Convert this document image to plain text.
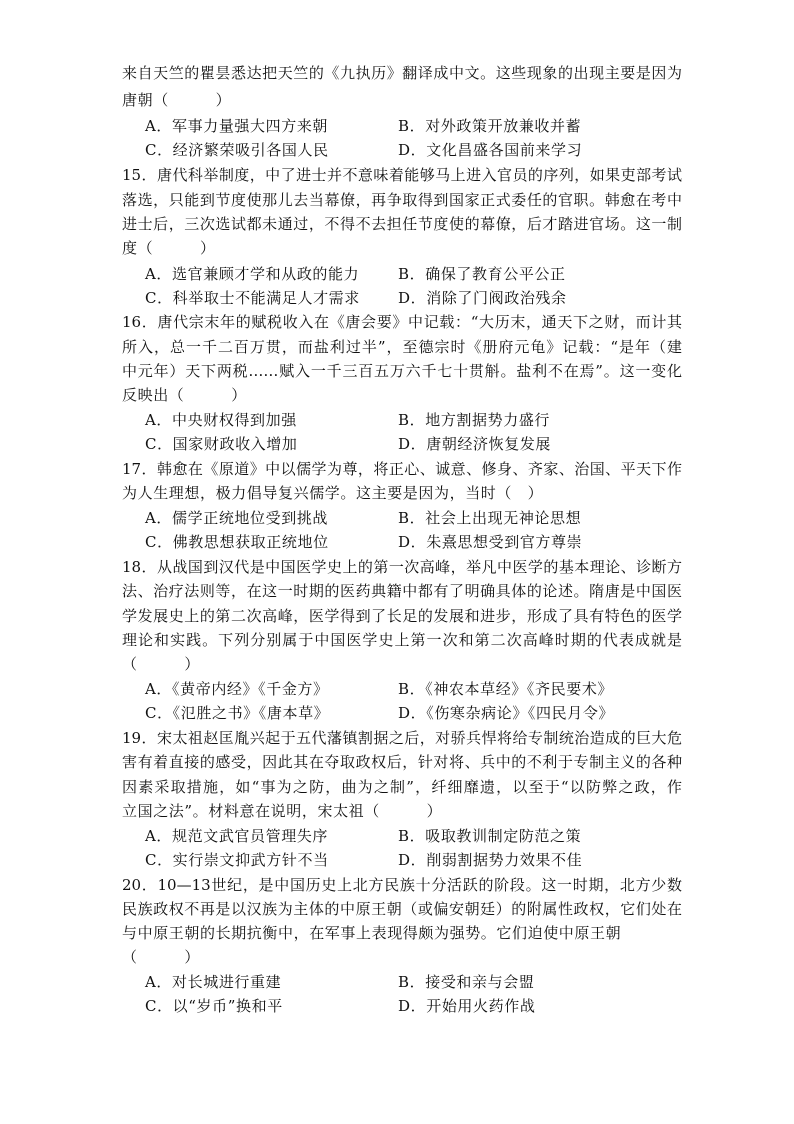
来自天竺的瞿昙悉达把天竺的《九执历》翻译成中文。这些现象的出现主要是因为
唐朝（　　　）
A．军事力量强大四方来朝	B．对外政策开放兼收并蓄
C．经济繁荣吸引各国人民	D．文化昌盛各国前来学习
15．唐代科举制度，中了进士并不意味着能够马上进入官员的序列，如果吏部考试
落选，只能到节度使那儿去当幕僚，再争取得到国家正式委任的官职。韩愈在考中
进士后，三次选试都未通过，不得不去担任节度使的幕僚，后才踏进官场。这一制
度（　　　）
A．选官兼顾才学和从政的能力	B．确保了教育公平公正
C．科举取士不能满足人才需求	D．消除了门阀政治残余
16．唐代宗末年的赋税收入在《唐会要》中记载：“大历末，通天下之财，而计其
所入，总一千二百万贯，而盐利过半”，至德宗时《册府元龟》记载：“是年（建
中元年）天下两税……赋入一千三百五万六千七十贯斛。盐利不在焉”。这一变化
反映出（　　　）
A．中央财权得到加强	B．地方割据势力盛行
C．国家财政收入增加	D．唐朝经济恢复发展
17．韩愈在《原道》中以儒学为尊，将正心、诚意、修身、齐家、治国、平天下作
为人生理想，极力倡导复兴儒学。这主要是因为，当时（　）
A．儒学正统地位受到挑战	B．社会上出现无神论思想
C．佛教思想获取正统地位	D．朱熹思想受到官方尊崇
18．从战国到汉代是中国医学史上的第一次高峰，举凡中医学的基本理论、诊断方
法、治疗法则等，在这一时期的医药典籍中都有了明确具体的论述。隋唐是中国医
学发展史上的第二次高峰，医学得到了长足的发展和进步，形成了具有特色的医学
理论和实践。下列分别属于中国医学史上第一次和第二次高峰时期的代表成就是
（　　　）
A．《黄帝内经》《千金方》	B．《神农本草经》《齐民要术》
C．《氾胜之书》《唐本草》	D．《伤寒杂病论》《四民月令》
19．宋太祖赵匡胤兴起于五代藩镇割据之后，对骄兵悍将给专制统治造成的巨大危
害有着直接的感受，因此其在夺取政权后，针对将、兵中的不利于专制主义的各种
因素采取措施，如“事为之防，曲为之制”，纤细靡遗，以至于“以防弊之政，作
立国之法”。材料意在说明，宋太祖（　　　）
A．规范文武官员管理失序	B．吸取教训制定防范之策
C．实行崇文抑武方针不当	D．削弱割据势力效果不佳
20．10—13世纪，是中国历史上北方民族十分活跃的阶段。这一时期，北方少数
民族政权不再是以汉族为主体的中原王朝（或偏安朝廷）的附属性政权，它们处在
与中原王朝的长期抗衡中，在军事上表现得颇为强势。它们迫使中原王朝
（　　　）
A．对长城进行重建	B．接受和亲与会盟
C．以“岁币”换和平	D．开始用火药作战
